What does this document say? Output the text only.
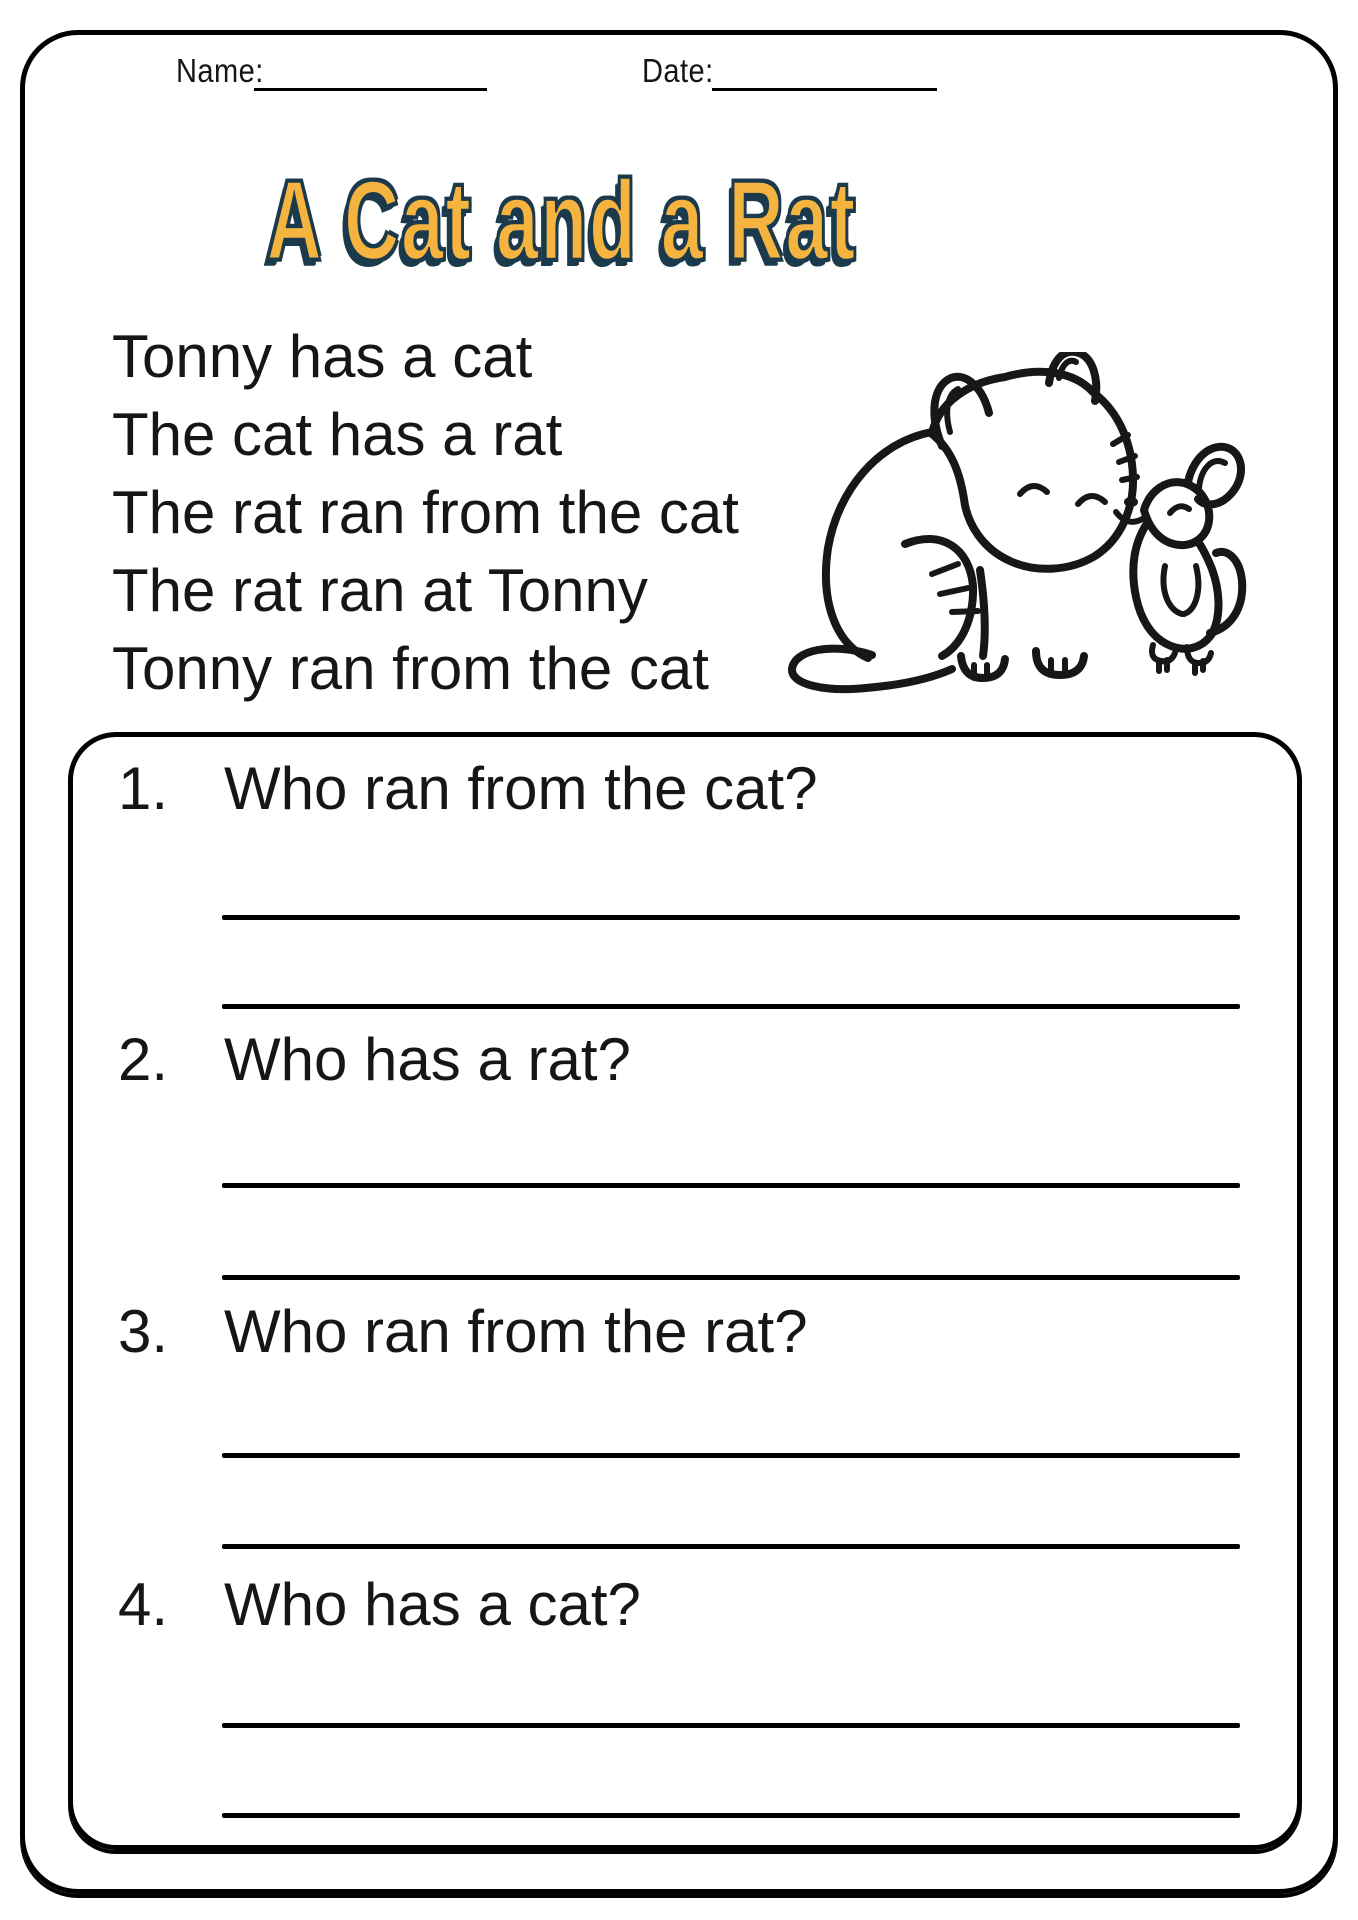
Name:	Date:
A Cat and a Rat
Tonny has a cat
The cat has a rat
The rat ran from the cat
The rat ran at Tonny
Tonny ran from the cat
1. Who ran from the cat?
2. Who has a rat?
3. Who ran from the rat?
4. Who has a cat?
